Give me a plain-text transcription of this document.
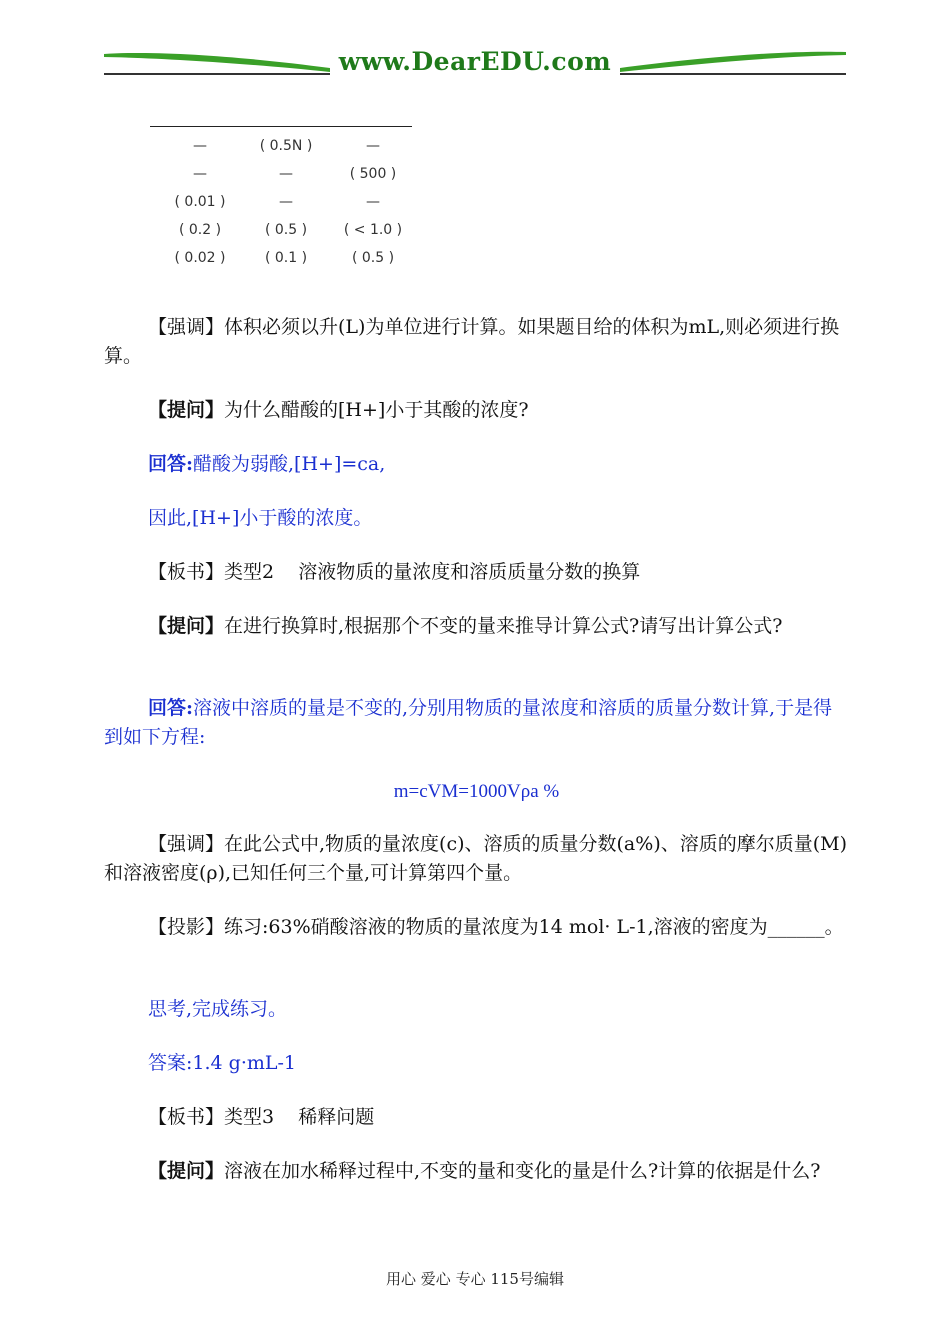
www.DearEDU.com
—	( 0.5N )	—
—	—	( 500 )
( 0.01 )	—	—
( 0.2 )	( 0.5 )	( < 1.0 )
( 0.02 )	( 0.1 )	( 0.5 )
【强调】体积必须以升(L)为单位进行计算。如果题目给的体积为mL,则必须进行换算。
【提问】为什么醋酸的[H+]小于其酸的浓度?
回答:醋酸为弱酸,[H+]=ca,
因此,[H+]小于酸的浓度。
【板书】类型2    溶液物质的量浓度和溶质质量分数的换算
【提问】在进行换算时,根据那个不变的量来推导计算公式?请写出计算公式?
回答:溶液中溶质的量是不变的,分别用物质的量浓度和溶质的质量分数计算,于是得到如下方程:
m=cVM=1000Vρa %
【强调】在此公式中,物质的量浓度(c)、溶质的质量分数(a%)、溶质的摩尔质量(M)和溶液密度(ρ),已知任何三个量,可计算第四个量。
【投影】练习:63%硝酸溶液的物质的量浓度为14 mol· L-1,溶液的密度为______。
思考,完成练习。
答案:1.4 g·mL-1
【板书】类型3    稀释问题
【提问】溶液在加水稀释过程中,不变的量和变化的量是什么?计算的依据是什么?
用心 爱心 专心 115号编辑
